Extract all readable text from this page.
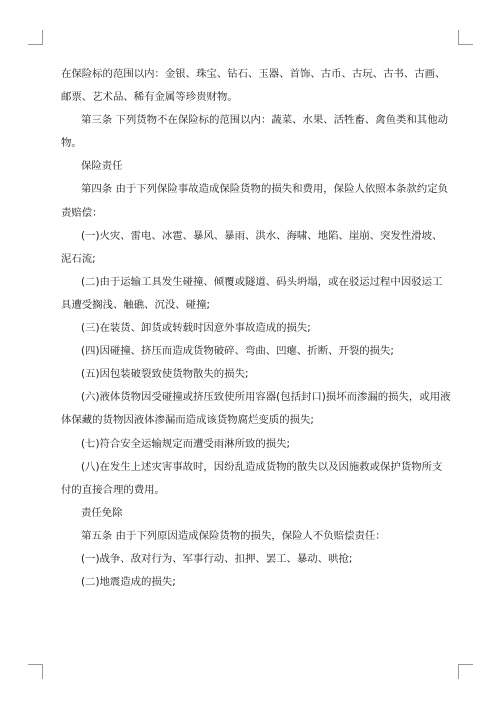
在保险标的范围以内：金银、珠宝、钻石、玉器、首饰、古币、古玩、古书、古画、
邮票、艺术品、稀有金属等珍贵财物。
第三条 下列货物不在保险标的范围以内：蔬菜、水果、活牲畜、禽鱼类和其他动
物。
保险责任
第四条 由于下列保险事故造成保险货物的损失和费用，保险人依照本条款约定负
责赔偿：
(一)火灾、雷电、冰雹、暴风、暴雨、洪水、海啸、地陷、崖崩、突发性滑坡、
泥石流;
(二)由于运输工具发生碰撞、倾覆或隧道、码头坍塌，或在驳运过程中因驳运工
具遭受搁浅、触礁、沉没、碰撞;
(三)在装货、卸货或转载时因意外事故造成的损失;
(四)因碰撞、挤压而造成货物破碎、弯曲、凹瘪、折断、开裂的损失;
(五)因包装破裂致使货物散失的损失;
(六)液体货物因受碰撞或挤压致使所用容器(包括封口)损坏而渗漏的损失，或用液
体保藏的货物因液体渗漏而造成该货物腐烂变质的损失;
(七)符合安全运输规定而遭受雨淋所致的损失;
(八)在发生上述灾害事故时，因纷乱造成货物的散失以及因施救或保护货物所支
付的直接合理的费用。
责任免除
第五条 由于下列原因造成保险货物的损失，保险人不负赔偿责任：
(一)战争、敌对行为、军事行动、扣押、罢工、暴动、哄抢;
(二)地震造成的损失;
